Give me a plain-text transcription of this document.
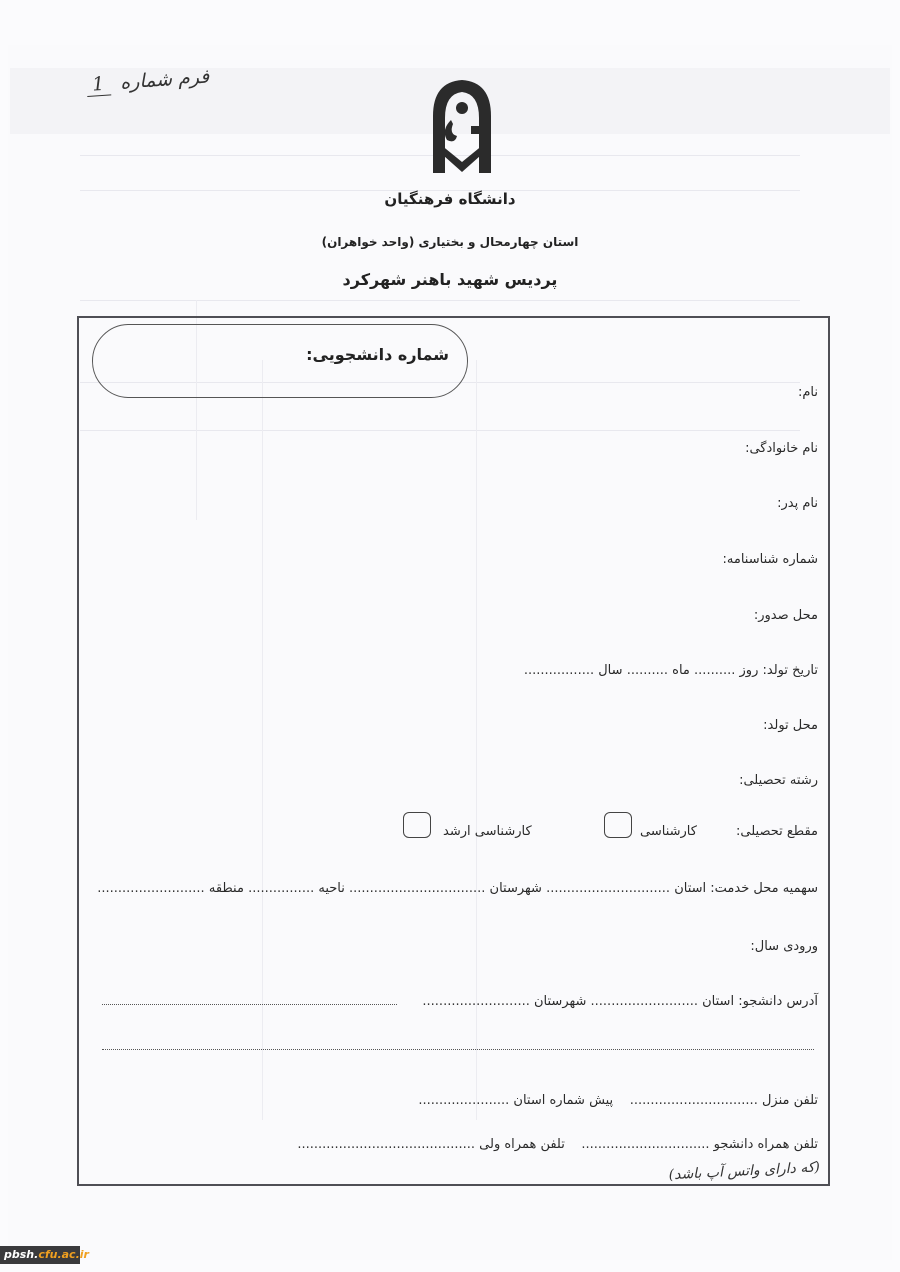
فرم شماره 1
دانشگاه فرهنگیان
استان چهارمحال و بختیاری (واحد خواهران)
پردیس شهید باهنر شهرکرد
شماره دانشجویی:
نام:
نام خانوادگی:
نام پدر:
شماره شناسنامه:
محل صدور:
تاریخ تولد: روز .......... ماه .......... سال .................
محل تولد:
رشته تحصیلی:
مقطع تحصیلی:
کارشناسی
کارشناسی ارشد
سهمیه محل خدمت: استان .............................. شهرستان ................................. ناحیه ................ منطقه ..........................
ورودی سال:
آدرس دانشجو: استان .......................... شهرستان ..........................
تلفن منزل ...............................    پیش شماره استان ......................
تلفن همراه دانشجو ...............................    تلفن همراه ولی ...........................................
(که دارای واتس آپ باشد)
pbsh.cfu.ac.ir
